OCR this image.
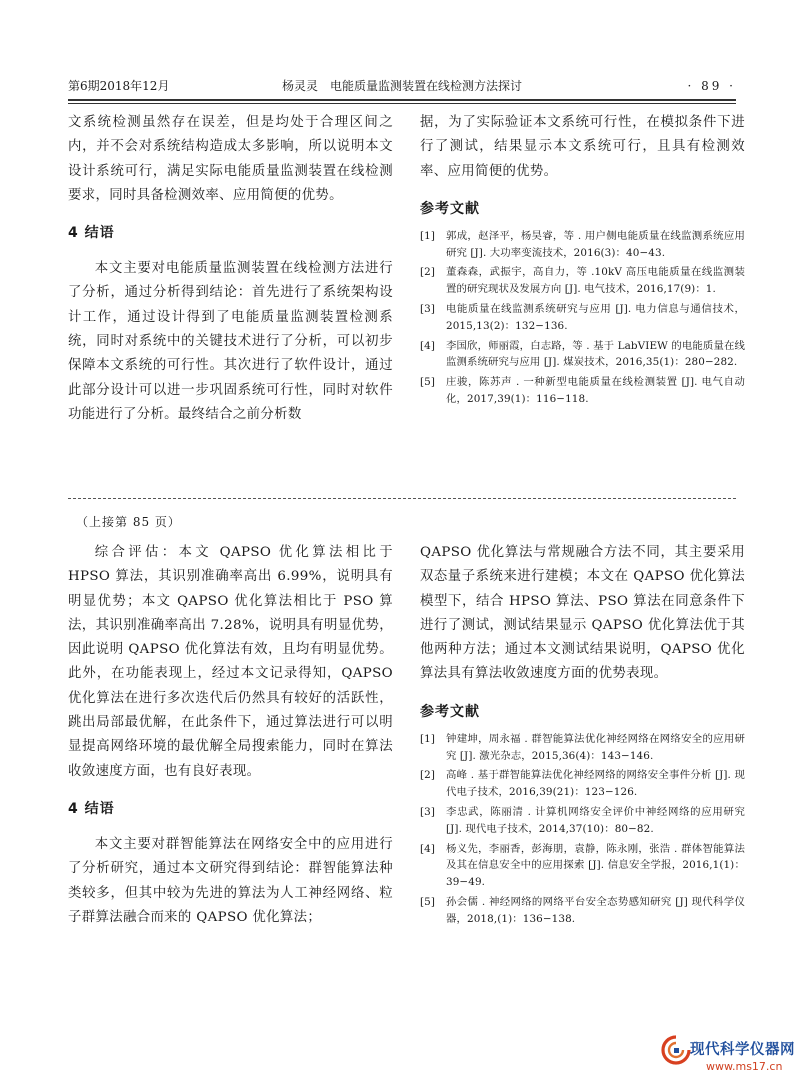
第6期2018年12月	杨灵灵　电能质量监测装置在线检测方法探讨	· 89 ·

文系统检测虽然存在误差，但是均处于合理区间之内，并不会对系统结构造成太多影响，所以说明本文设计系统可行，满足实际电能质量监测装置在线检测要求，同时具备检测效率、应用简便的优势。

4 结语

本文主要对电能质量监测装置在线检测方法进行了分析，通过分析得到结论：首先进行了系统架构设计工作，通过设计得到了电能质量监测装置检测系统，同时对系统中的关键技术进行了分析，可以初步保障本文系统的可行性。其次进行了软件设计，通过此部分设计可以进一步巩固系统可行性，同时对软件功能进行了分析。最终结合之前分析数

据，为了实际验证本文系统可行性，在模拟条件下进行了测试，结果显示本文系统可行，且具有检测效率、应用简便的优势。

参考文献
[1] 郭成，赵泽平，杨昊睿，等 . 用户侧电能质量在线监测系统应用研究 [J]. 大功率变流技术，2016(3)：40−43.
[2] 董森森，武振宇，高自力，等 .10kV 高压电能质量在线监测装置的研究现状及发展方向 [J]. 电气技术，2016,17(9)：1.
[3] 电能质量在线监测系统研究与应用 [J]. 电力信息与通信技术，2015,13(2)：132−136.
[4] 李国欣，师丽霞，白志路，等 . 基于 LabVIEW 的电能质量在线监测系统研究与应用 [J]. 煤炭技术，2016,35(1)：280−282.
[5] 庄骏，陈苏声 . 一种新型电能质量在线检测装置 [J]. 电气自动化，2017,39(1)：116−118.
（上接第 85 页）

综合评估：本文 QAPSO 优化算法相比于 HPSO 算法，其识别准确率高出 6.99%，说明具有明显优势；本文 QAPSO 优化算法相比于 PSO 算法，其识别准确率高出 7.28%，说明具有明显优势，因此说明 QAPSO 优化算法有效，且均有明显优势。此外，在功能表现上，经过本文记录得知，QAPSO 优化算法在进行多次迭代后仍然具有较好的活跃性，跳出局部最优解，在此条件下，通过算法进行可以明显提高网络环境的最优解全局搜索能力，同时在算法收敛速度方面，也有良好表现。

4 结语

本文主要对群智能算法在网络安全中的应用进行了分析研究，通过本文研究得到结论：群智能算法种类较多，但其中较为先进的算法为人工神经网络、粒子群算法融合而来的 QAPSO 优化算法；

QAPSO 优化算法与常规融合方法不同，其主要采用双态量子系统来进行建模；本文在 QAPSO 优化算法模型下，结合 HPSO 算法、PSO 算法在同意条件下进行了测试，测试结果显示 QAPSO 优化算法优于其他两种方法；通过本文测试结果说明，QAPSO 优化算法具有算法收敛速度方面的优势表现。

参考文献
[1] 钟建坤，周永福 . 群智能算法优化神经网络在网络安全的应用研究 [J]. 激光杂志，2015,36(4)：143−146.
[2] 高峰 . 基于群智能算法优化神经网络的网络安全事件分析 [J]. 现代电子技术，2016,39(21)：123−126.
[3] 李忠武，陈丽清 . 计算机网络安全评价中神经网络的应用研究 [J]. 现代电子技术，2014,37(10)：80−82.
[4] 杨义先，李丽香，彭海朋，袁静，陈永刚，张浩 . 群体智能算法及其在信息安全中的应用探索 [J]. 信息安全学报，2016,1(1)：39−49.
[5] 孙会儒 . 神经网络的网络平台安全态势感知研究 [J] 现代科学仪器，2018,(1)：136−138.
现代科学仪器网
www.ms17.cn
